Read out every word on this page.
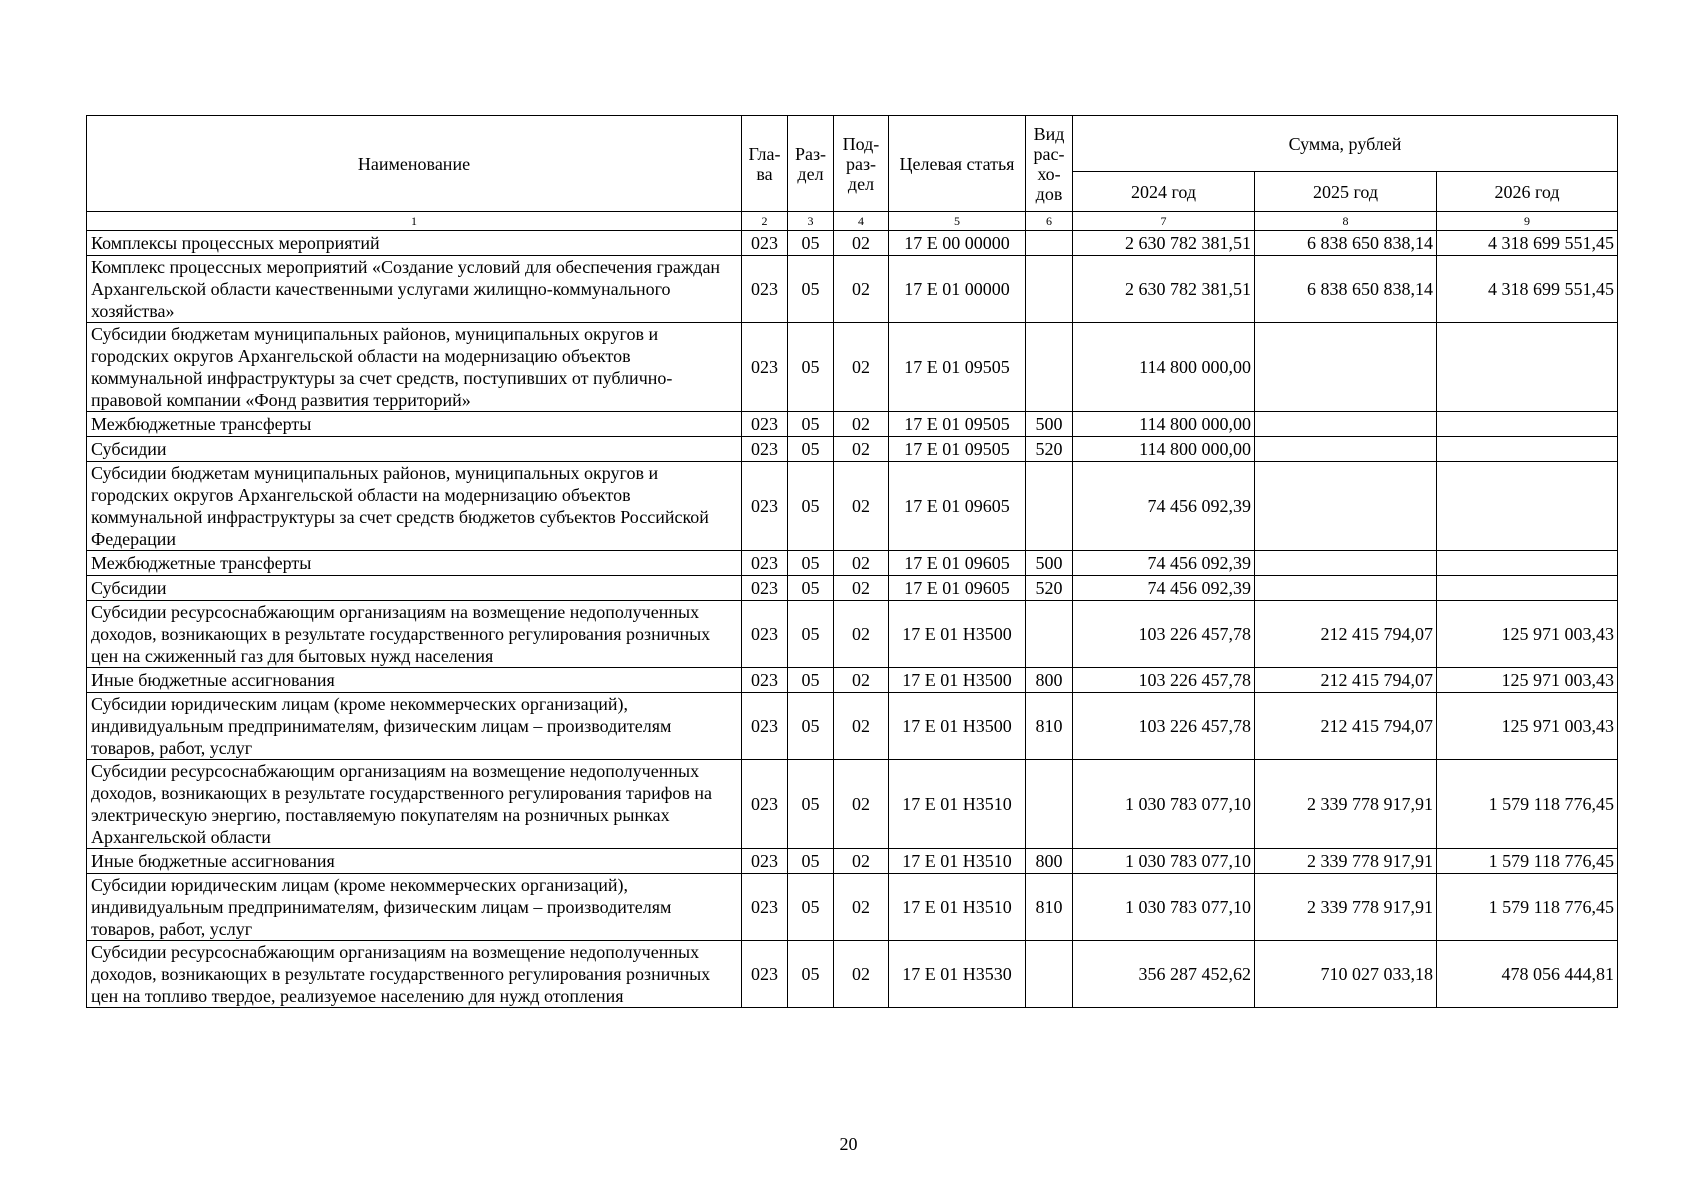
Наименование	Гла- ва	Раз- дел	Под- раз- дел	Целевая статья	Вид рас- хо- дов	Сумма, рублей		
						2024 год	2025 год	2026 год
1	2	3	4	5	6	7	8	9
Комплексы процессных мероприятий	023	05	02	17 Е 00 00000		2 630 782 381,51	6 838 650 838,14	4 318 699 551,45
Комплекс процессных мероприятий «Создание условий для обеспечения граждан Архангельской области качественными услугами жилищно-коммунального хозяйства»	023	05	02	17 Е 01 00000		2 630 782 381,51	6 838 650 838,14	4 318 699 551,45
Субсидии бюджетам муниципальных районов, муниципальных округов и городских округов Архангельской области на модернизацию объектов коммунальной инфраструктуры за счет средств, поступивших от публично-правовой компании «Фонд развития территорий»	023	05	02	17 Е 01 09505		114 800 000,00		
Межбюджетные трансферты	023	05	02	17 Е 01 09505	500	114 800 000,00		
Субсидии	023	05	02	17 Е 01 09505	520	114 800 000,00		
Субсидии бюджетам муниципальных районов, муниципальных округов и городских округов Архангельской области на модернизацию объектов коммунальной инфраструктуры за счет средств бюджетов субъектов Российской Федерации	023	05	02	17 Е 01 09605		74 456 092,39		
Межбюджетные трансферты	023	05	02	17 Е 01 09605	500	74 456 092,39		
Субсидии	023	05	02	17 Е 01 09605	520	74 456 092,39		
Субсидии ресурсоснабжающим организациям на возмещение недополученных доходов, возникающих в результате государственного регулирования розничных цен на сжиженный газ для бытовых нужд населения	023	05	02	17 Е 01 Н3500		103 226 457,78	212 415 794,07	125 971 003,43
Иные бюджетные ассигнования	023	05	02	17 Е 01 Н3500	800	103 226 457,78	212 415 794,07	125 971 003,43
Субсидии юридическим лицам (кроме некоммерческих организаций), индивидуальным предпринимателям, физическим лицам – производителям товаров, работ, услуг	023	05	02	17 Е 01 Н3500	810	103 226 457,78	212 415 794,07	125 971 003,43
Субсидии ресурсоснабжающим организациям на возмещение недополученных доходов, возникающих в результате государственного регулирования тарифов на электрическую энергию, поставляемую покупателям на розничных рынках Архангельской области	023	05	02	17 Е 01 Н3510		1 030 783 077,10	2 339 778 917,91	1 579 118 776,45
Иные бюджетные ассигнования	023	05	02	17 Е 01 Н3510	800	1 030 783 077,10	2 339 778 917,91	1 579 118 776,45
Субсидии юридическим лицам (кроме некоммерческих организаций), индивидуальным предпринимателям, физическим лицам – производителям товаров, работ, услуг	023	05	02	17 Е 01 Н3510	810	1 030 783 077,10	2 339 778 917,91	1 579 118 776,45
Субсидии ресурсоснабжающим организациям на возмещение недополученных доходов, возникающих в результате государственного регулирования розничных цен на топливо твердое, реализуемое населению для нужд отопления	023	05	02	17 Е 01 Н3530		356 287 452,62	710 027 033,18	478 056 444,81
20
